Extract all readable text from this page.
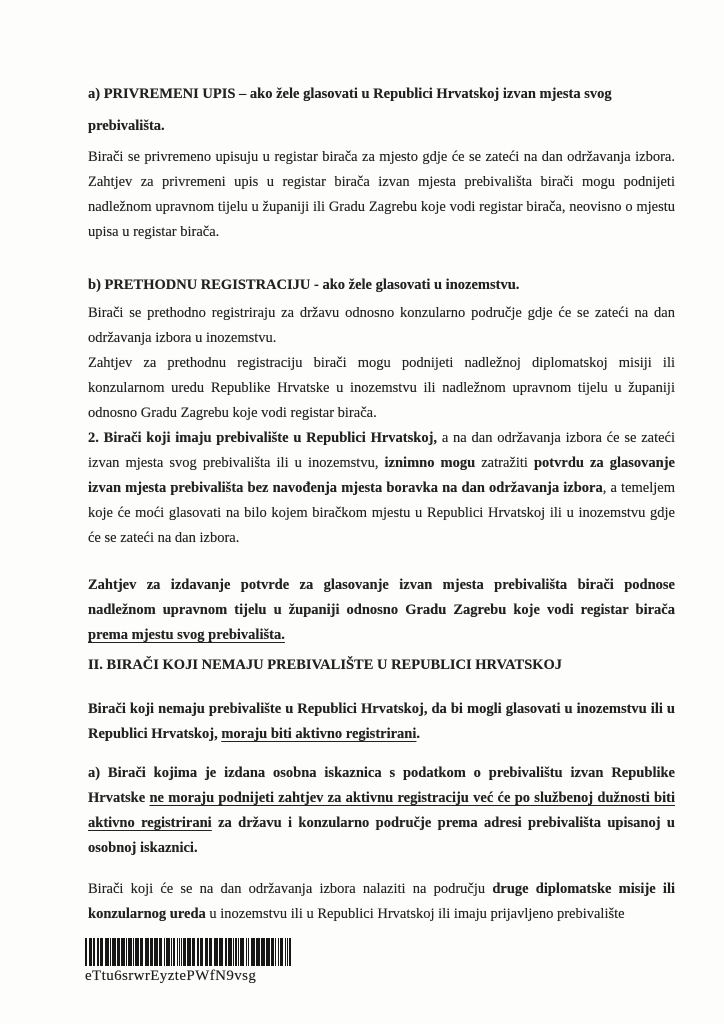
a) PRIVREMENI UPIS – ako žele glasovati u Republici Hrvatskoj izvan mjesta svog prebivališta.

Birači se privremeno upisuju u registar birača za mjesto gdje će se zateći na dan održavanja izbora. Zahtjev za privremeni upis u registar birača izvan mjesta prebivališta birači mogu podnijeti nadležnom upravnom tijelu u županiji ili Gradu Zagrebu koje vodi registar birača, neovisno o mjestu upisa u registar birača.

b) PRETHODNU REGISTRACIJU - ako žele glasovati u inozemstvu.

Birači se prethodno registriraju za državu odnosno konzularno područje gdje će se zateći na dan održavanja izbora u inozemstvu.

Zahtjev za prethodnu registraciju birači mogu podnijeti nadležnoj diplomatskoj misiji ili konzularnom uredu Republike Hrvatske u inozemstvu ili nadležnom upravnom tijelu u županiji odnosno Gradu Zagrebu koje vodi registar birača.

2. Birači koji imaju prebivalište u Republici Hrvatskoj, a na dan održavanja izbora će se zateći izvan mjesta svog prebivališta ili u inozemstvu, iznimno mogu zatražiti potvrdu za glasovanje izvan mjesta prebivališta bez navođenja mjesta boravka na dan održavanja izbora, a temeljem koje će moći glasovati na bilo kojem biračkom mjestu u Republici Hrvatskoj ili u inozemstvu gdje će se zateći na dan izbora.

Zahtjev za izdavanje potvrde za glasovanje izvan mjesta prebivališta birači podnose nadležnom upravnom tijelu u županiji odnosno Gradu Zagrebu koje vodi registar birača prema mjestu svog prebivališta.

II. BIRAČI KOJI NEMAJU PREBIVALIŠTE U REPUBLICI HRVATSKOJ

Birači koji nemaju prebivalište u Republici Hrvatskoj, da bi mogli glasovati u inozemstvu ili u Republici Hrvatskoj, moraju biti aktivno registrirani.

a) Birači kojima je izdana osobna iskaznica s podatkom o prebivalištu izvan Republike Hrvatske ne moraju podnijeti zahtjev za aktivnu registraciju već će po službenoj dužnosti biti aktivno registrirani za državu i konzularno područje prema adresi prebivališta upisanoj u osobnoj iskaznici.

Birači koji će se na dan održavanja izbora nalaziti na području druge diplomatske misije ili konzularnog ureda u inozemstvu ili u Republici Hrvatskoj ili imaju prijavljeno prebivalište

eTtu6srwrEyztePWfN9vsg
